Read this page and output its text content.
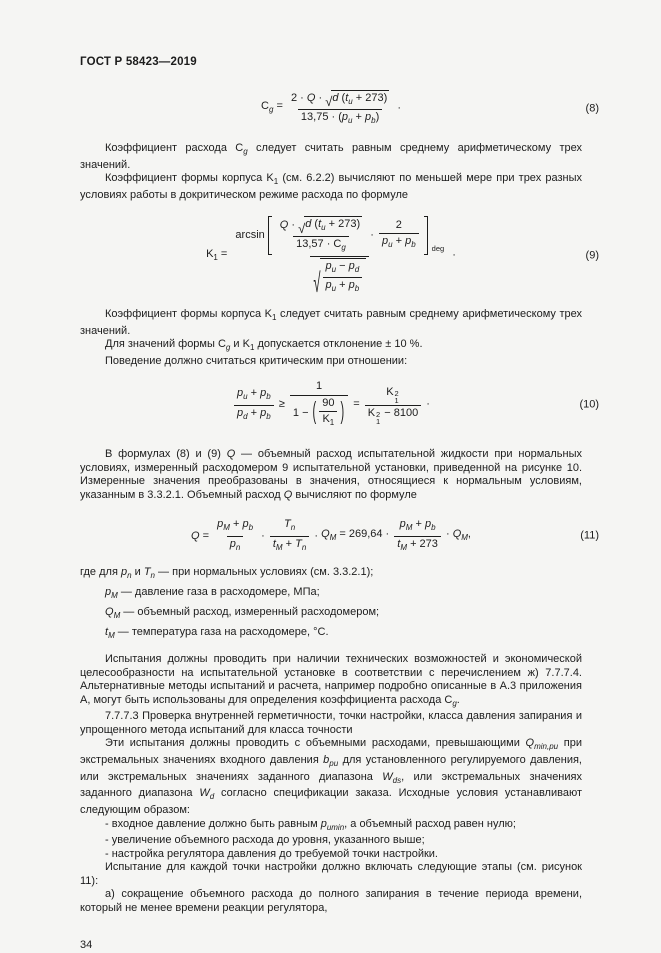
ГОСТ Р 58423—2019
$C_g = \frac{2 \cdot Q \cdot √ d (t_u + 273)}{13,75 \cdot (p_u + p_b)}$ ·	(8)

Коэффициент расхода $C_g$ следует считать равным среднему арифметическому трех значений.

Коэффициент формы корпуса $K_1$ (см. 6.2.2) вычисляют по меньшей мере при трех разных условиях работы в докритическом режиме расхода по формуле

$K_1$ =
arcsin
Q · √ d $(t_u + 273)$
$13,57 \cdot C_g$
· $\frac{2}{p_u + p_b}$ deg
√ $\frac{p_u - p_d}{p_u + p_b}$
·	(9)

Коэффициент формы корпуса $K_1$ следует считать равным среднему арифметическому трех значений.

Для значений формы $C_g$ и $K_1$ допускается отклонение ± 10 %.

Поведение должно считаться критическим при отношении:

$\frac{p_u + p_b}{p_d + p_b}$ ≥
1
1 − ( $\frac{90}{K_1}$ ) = K 2
1
K 2
1
− 8100 ·	(10)

В формулах (8) и (9) Q — объемный расход испытательной жидкости при нормальных условиях, измеренный расходомером 9 испытательной установки, приведенной на рисунке 10. Измеренные значения преобразованы в значения, относящиеся к нормальным условиям, указанным в 3.3.2.1. Объемный расход Q вычисляют по формуле

$Q = \frac{p_М + p_b}{p_n} \cdot \frac{T_n}{t_М + T_n} \cdot Q_М = 269,64 \cdot \frac{p_М + p_b}{t_М + 273} \cdot Q_М$,	(11)

где для $p_n$ и $T_n$ — при нормальных условиях (см. 3.3.2.1);

$p_М$ — давление газа в расходомере, МПа;

$Q_М$ — объемный расход, измеренный расходомером;

$t_М$ — температура газа на расходомере, °С.

Испытания должны проводить при наличии технических возможностей и экономической целесообразности на испытательной установке в соответствии с перечислением ж) 7.7.7.4. Альтернативные методы испытаний и расчета, например подробно описанные в А.3 приложения А, могут быть использованы для определения коэффициента расхода $C_g$.

7.7.7.3 Проверка внутренней герметичности, точки настройки, класса давления запирания и упрощенного метода испытаний для класса точности

Эти испытания должны проводить с объемными расходами, превышающими $Q_{min,pu}$ при экстремальных значениях входного давления $b_{pu}$ для установленного регулируемого давления, или экстремальных значениях заданного диапазона $W_{ds}$, или экстремальных значениях заданного диапазона $W_d$ согласно спецификации заказа. Исходные условия устанавливают следующим образом:

- входное давление должно быть равным $p_{umin}$, а объемный расход равен нулю;

- увеличение объемного расхода до уровня, указанного выше;

- настройка регулятора давления до требуемой точки настройки.

Испытание для каждой точки настройки должно включать следующие этапы (см. рисунок 11):

а) сокращение объемного расхода до полного запирания в течение периода времени, который не менее времени реакции регулятора,

34
